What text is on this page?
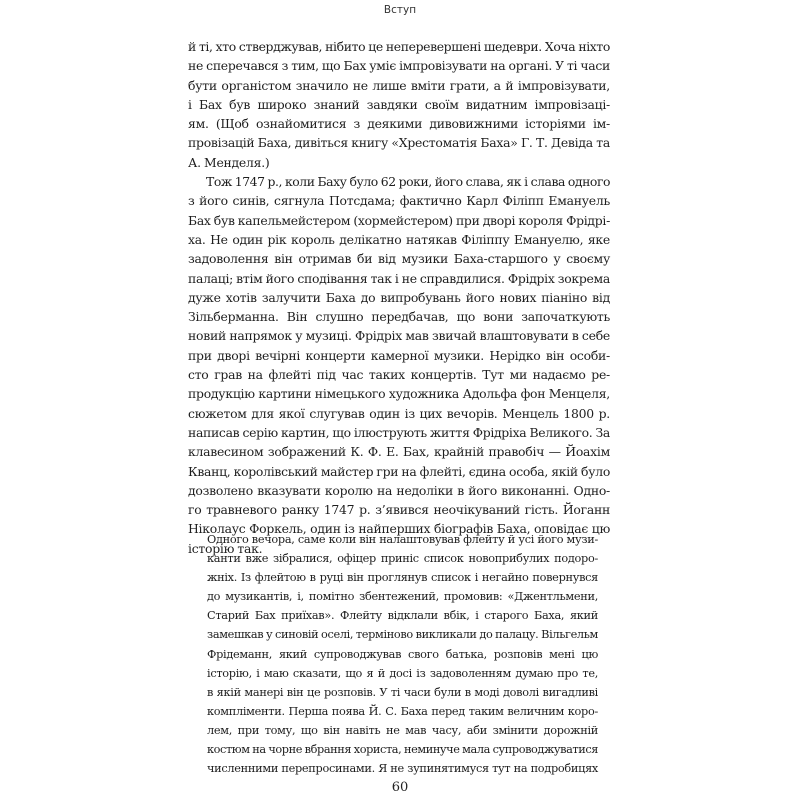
Вступ
й ті, хто стверджував, нібито це неперевершені шедеври. Хоча ніхто
не сперечався з тим, що Бах уміє імпровізувати на органі. У ті часи
бути органістом значило не лише вміти грати, а й імпровізувати,
і Бах був широко знаний завдяки своїм видатним імпровізаці-
ям. (Щоб ознайомитися з деякими дивовижними історіями ім-
провізацій Баха, дивіться книгу «Хрестоматія Баха» Г. Т. Девіда та
А. Менделя.)
Тож 1747 р., коли Баху було 62 роки, його слава, як і слава одного
з його синів, сягнула Потсдама; фактично Карл Філіпп Емануель
Бах був капельмейстером (хормейстером) при дворі короля Фрідрі-
ха. Не один рік король делікатно натякав Філіппу Емануелю, яке
задоволення він отримав би від музики Баха-старшого у своєму
палаці; втім його сподівання так і не справдилися. Фрідріх зокрема
дуже хотів залучити Баха до випробувань його нових піаніно від
Зільберманна. Він слушно передбачав, що вони започаткують
новий напрямок у музиці. Фрідріх мав звичай влаштовувати в себе
при дворі вечірні концерти камерної музики. Нерідко він особи-
сто грав на флейті під час таких концертів. Тут ми надаємо ре-
продукцію картини німецького художника Адольфа фон Менцеля,
сюжетом для якої слугував один із цих вечорів. Менцель 1800 р.
написав серію картин, що ілюструють життя Фрідріха Великого. За
клавесином зображений К. Ф. Е. Бах, крайній правобіч — Йоахім
Кванц, королівський майстер гри на флейті, єдина особа, якій було
дозволено вказувати королю на недоліки в його виконанні. Одно-
го травневого ранку 1747 р. з’явився неочікуваний гість. Йоганн
Ніколаус Форкель, один із найперших біографів Баха, оповідає цю
історію так.
Одного вечора, саме коли він налаштовував флейту й усі його музи-
канти вже зібралися, офіцер приніс список новоприбулих подоро-
жніх. Із флейтою в руці він проглянув список і негайно повернувся
до музикантів, і, помітно збентежений, промовив: «Джентльмени,
Старий Бах приїхав». Флейту відклали вбік, і старого Баха, який
замешкав у синовій оселі, терміново викликали до палацу. Вільгельм
Фрідеманн, який супроводжував свого батька, розповів мені цю
історію, і маю сказати, що я й досі із задоволенням думаю про те,
в якій манері він це розповів. У ті часи були в моді доволі вигадливі
компліменти. Перша поява Й. С. Баха перед таким величним коро-
лем, при тому, що він навіть не мав часу, аби змінити дорожній
костюм на чорне вбрання хориста, неминуче мала супроводжуватися
численними перепросинами. Я не зупинятимуся тут на подробицях
60
